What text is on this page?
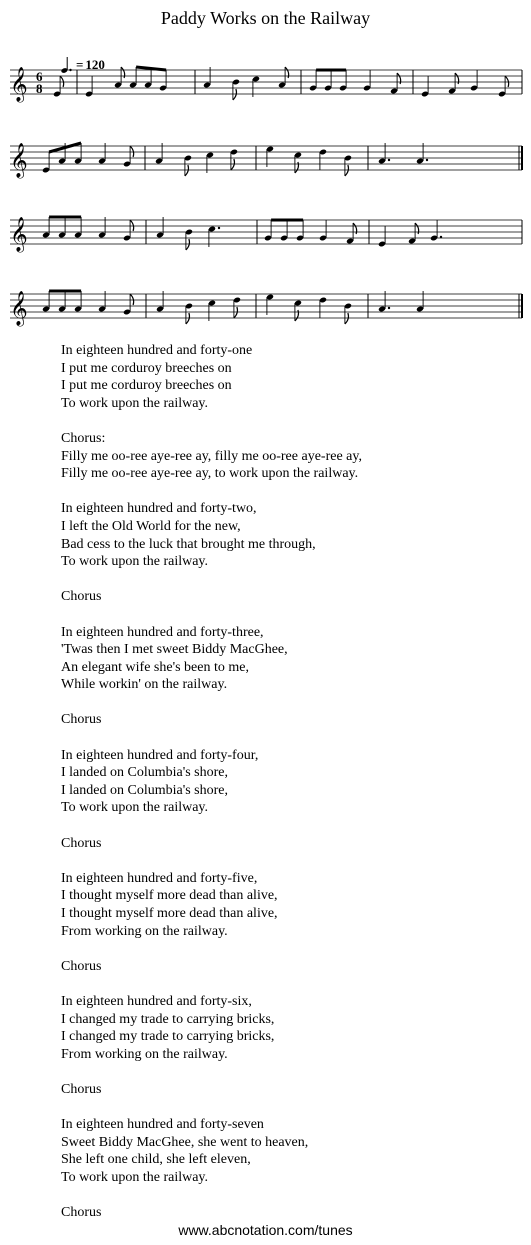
Paddy Works on the Railway
= 120
𝄞 6
8
𝄞
𝄞
𝄞
In eighteen hundred and forty-one
I put me corduroy breeches on
I put me corduroy breeches on
To work upon the railway.
Chorus:
Filly me oo-ree aye-ree ay, filly me oo-ree aye-ree ay,
Filly me oo-ree aye-ree ay, to work upon the railway.
In eighteen hundred and forty-two,
I left the Old World for the new,
Bad cess to the luck that brought me through,
To work upon the railway.
Chorus
In eighteen hundred and forty-three,
'Twas then I met sweet Biddy MacGhee,
An elegant wife she's been to me,
While workin' on the railway.
Chorus
In eighteen hundred and forty-four,
I landed on Columbia's shore,
I landed on Columbia's shore,
To work upon the railway.
Chorus
In eighteen hundred and forty-five,
I thought myself more dead than alive,
I thought myself more dead than alive,
From working on the railway.
Chorus
In eighteen hundred and forty-six,
I changed my trade to carrying bricks,
I changed my trade to carrying bricks,
From working on the railway.
Chorus
In eighteen hundred and forty-seven
Sweet Biddy MacGhee, she went to heaven,
She left one child, she left eleven,
To work upon the railway.
Chorus
www.abcnotation.com/tunes
